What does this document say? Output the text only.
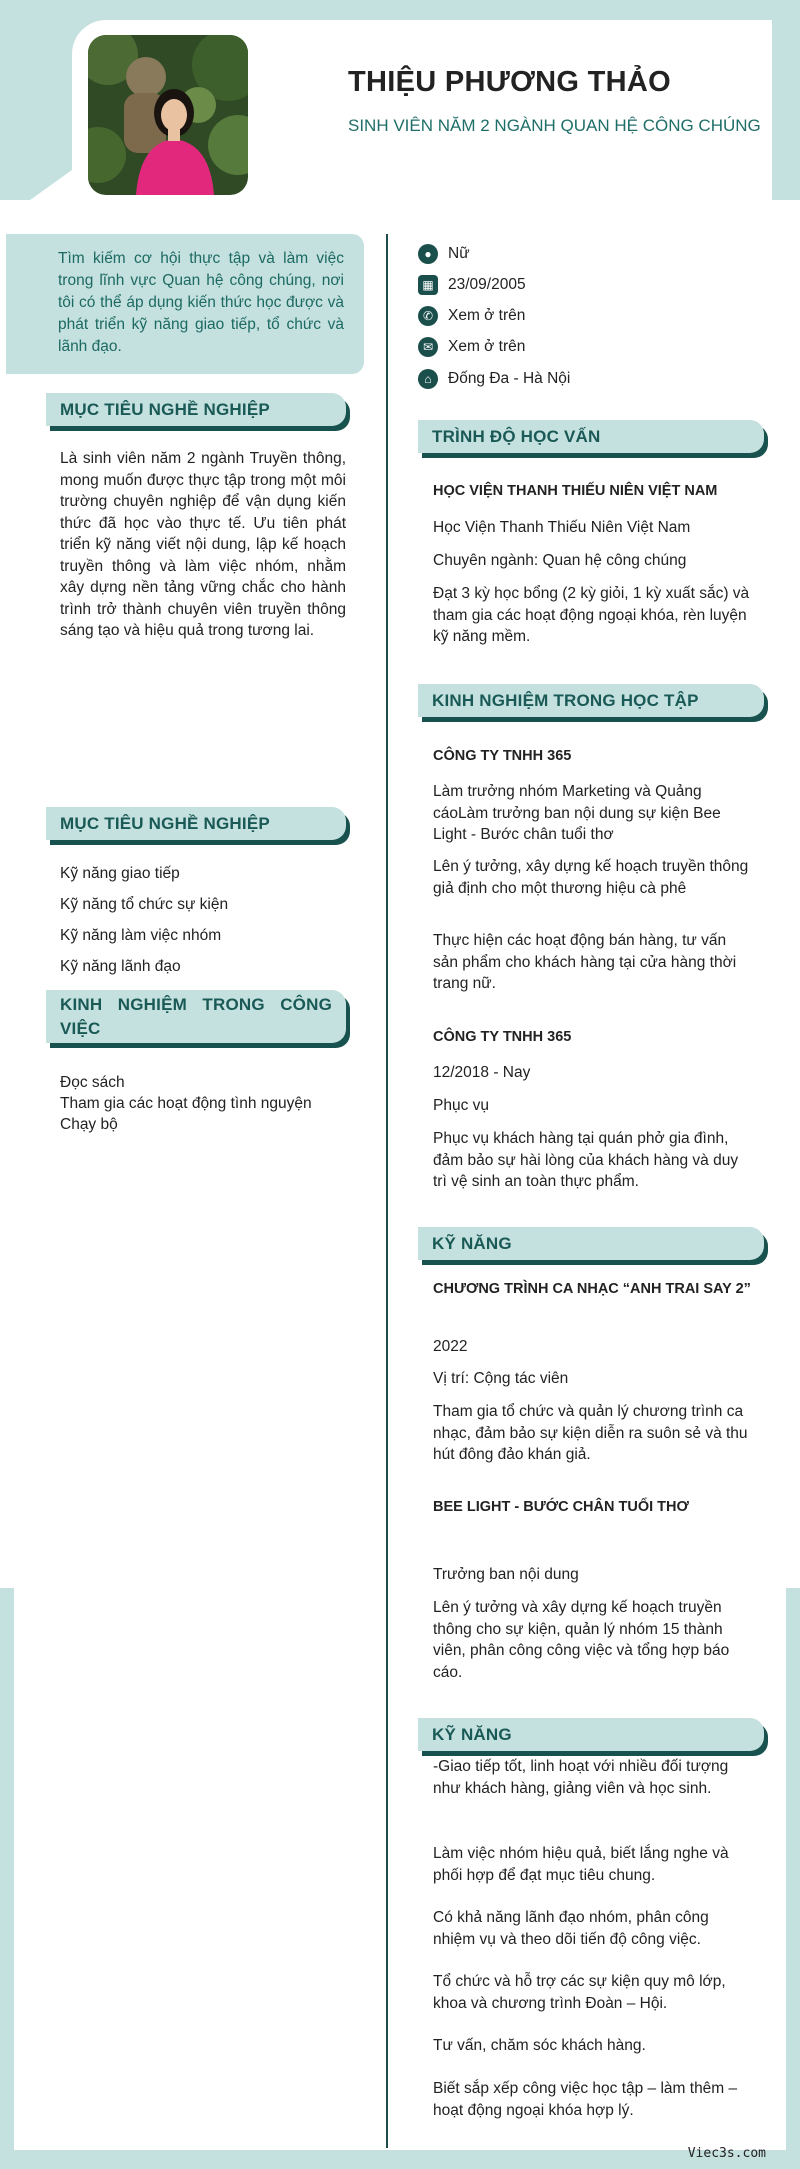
THIỆU PHƯƠNG THẢO
SINH VIÊN NĂM 2 NGÀNH QUAN HỆ CÔNG CHÚNG

Tìm kiếm cơ hội thực tập và làm việc trong lĩnh vực Quan hệ công chúng, nơi tôi có thể áp dụng kiến thức học được và phát triển kỹ năng giao tiếp, tổ chức và lãnh đạo.

MỤC TIÊU NGHỀ NGHIỆP

Là sinh viên năm 2 ngành Truyền thông, mong muốn được thực tập trong một môi trường chuyên nghiệp để vận dụng kiến thức đã học vào thực tế. Ưu tiên phát triển kỹ năng viết nội dung, lập kế hoạch truyền thông và làm việc nhóm, nhằm xây dựng nền tảng vững chắc cho hành trình trở thành chuyên viên truyền thông sáng tạo và hiệu quả trong tương lai.

MỤC TIÊU NGHỀ NGHIỆP
Kỹ năng giao tiếp
Kỹ năng tổ chức sự kiện
Kỹ năng làm việc nhóm
Kỹ năng lãnh đạo
KINH NGHIỆM TRONG CÔNG VIỆC
Đọc sách
Tham gia các hoạt động tình nguyện
Chạy bộ
●	Nữ
▦ 23/09/2005
✆ Xem ở trên
✉ Xem ở trên
⌂	Đống Đa - Hà Nội
TRÌNH ĐỘ HỌC VẤN
HỌC VIỆN THANH THIẾU NIÊN VIỆT NAM
Học Viện Thanh Thiếu Niên Việt Nam
Chuyên ngành: Quan hệ công chúng
Đạt 3 kỳ học bổng (2 kỳ giỏi, 1 kỳ xuất sắc) và tham gia các hoạt động ngoại khóa, rèn luyện kỹ năng mềm.
KINH NGHIỆM TRONG HỌC TẬP
CÔNG TY TNHH 365
Làm trưởng nhóm Marketing và Quảng cáoLàm trưởng ban nội dung sự kiện Bee Light - Bước chân tuổi thơ
Lên ý tưởng, xây dựng kế hoạch truyền thông giả định cho một thương hiệu cà phê
Thực hiện các hoạt động bán hàng, tư vấn sản phẩm cho khách hàng tại cửa hàng thời trang nữ.
CÔNG TY TNHH 365
12/2018 - Nay
Phục vụ
Phục vụ khách hàng tại quán phở gia đình, đảm bảo sự hài lòng của khách hàng và duy trì vệ sinh an toàn thực phẩm.
KỸ NĂNG
CHƯƠNG TRÌNH CA NHẠC “ANH TRAI SAY 2”
2022
Vị trí: Cộng tác viên
Tham gia tổ chức và quản lý chương trình ca nhạc, đảm bảo sự kiện diễn ra suôn sẻ và thu hút đông đảo khán giả.
BEE LIGHT - BƯỚC CHÂN TUỔI THƠ
Trưởng ban nội dung
Lên ý tưởng và xây dựng kế hoạch truyền thông cho sự kiện, quản lý nhóm 15 thành viên, phân công công việc và tổng hợp báo cáo.
KỸ NĂNG
-Giao tiếp tốt, linh hoạt với nhiều đối tượng như khách hàng, giảng viên và học sinh.
Làm việc nhóm hiệu quả, biết lắng nghe và phối hợp để đạt mục tiêu chung.
Có khả năng lãnh đạo nhóm, phân công nhiệm vụ và theo dõi tiến độ công việc.
Tổ chức và hỗ trợ các sự kiện quy mô lớp, khoa và chương trình Đoàn – Hội.
Tư vấn, chăm sóc khách hàng.
Biết sắp xếp công việc học tập – làm thêm – hoạt động ngoại khóa hợp lý.
Viec3s.com
